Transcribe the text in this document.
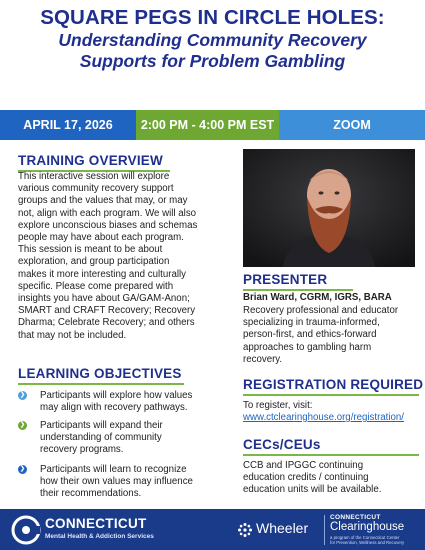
SQUARE PEGS IN CIRCLE HOLES:
Understanding Community Recovery
Supports for Problem Gambling
APRIL 17, 2026	2:00 PM - 4:00 PM EST	ZOOM
TRAINING OVERVIEW
This interactive session will explore
various community recovery support
groups and the values that may, or may
not, align with each program. We will also
explore unconscious biases and schemas
people may have about each program.
This session is meant to be about
exploration, and group participation
makes it more interesting and culturally
specific. Please come prepared with
insights you have about GA/GAM-Anon;
SMART and CRAFT Recovery; Recovery
Dharma; Celebrate Recovery; and others
that may not be included.
LEARNING OBJECTIVES
❯ Participants will explore how values
may align with recovery pathways.
❯ Participants will expand their
understanding of community
recovery programs.
❯ Participants will learn to recognize
how their own values may influence
their recommendations.
PRESENTER
Brian Ward, CGRM, IGRS, BARA
Recovery professional and educator
specializing in trauma-informed,
person-first, and ethics-forward
approaches to gambling harm
recovery.
REGISTRATION REQUIRED
To register, visit:
www.ctclearinghouse.org/registration/
CECs/CEUs
CCB and IPGGC continuing
education credits / continuing
education units will be available.
CONNECTICUT
Mental Health & Addiction Services
Wheeler
CONNECTICUT
Clearinghouse
a program of the Connecticut Center
for Prevention, Wellness and Recovery
